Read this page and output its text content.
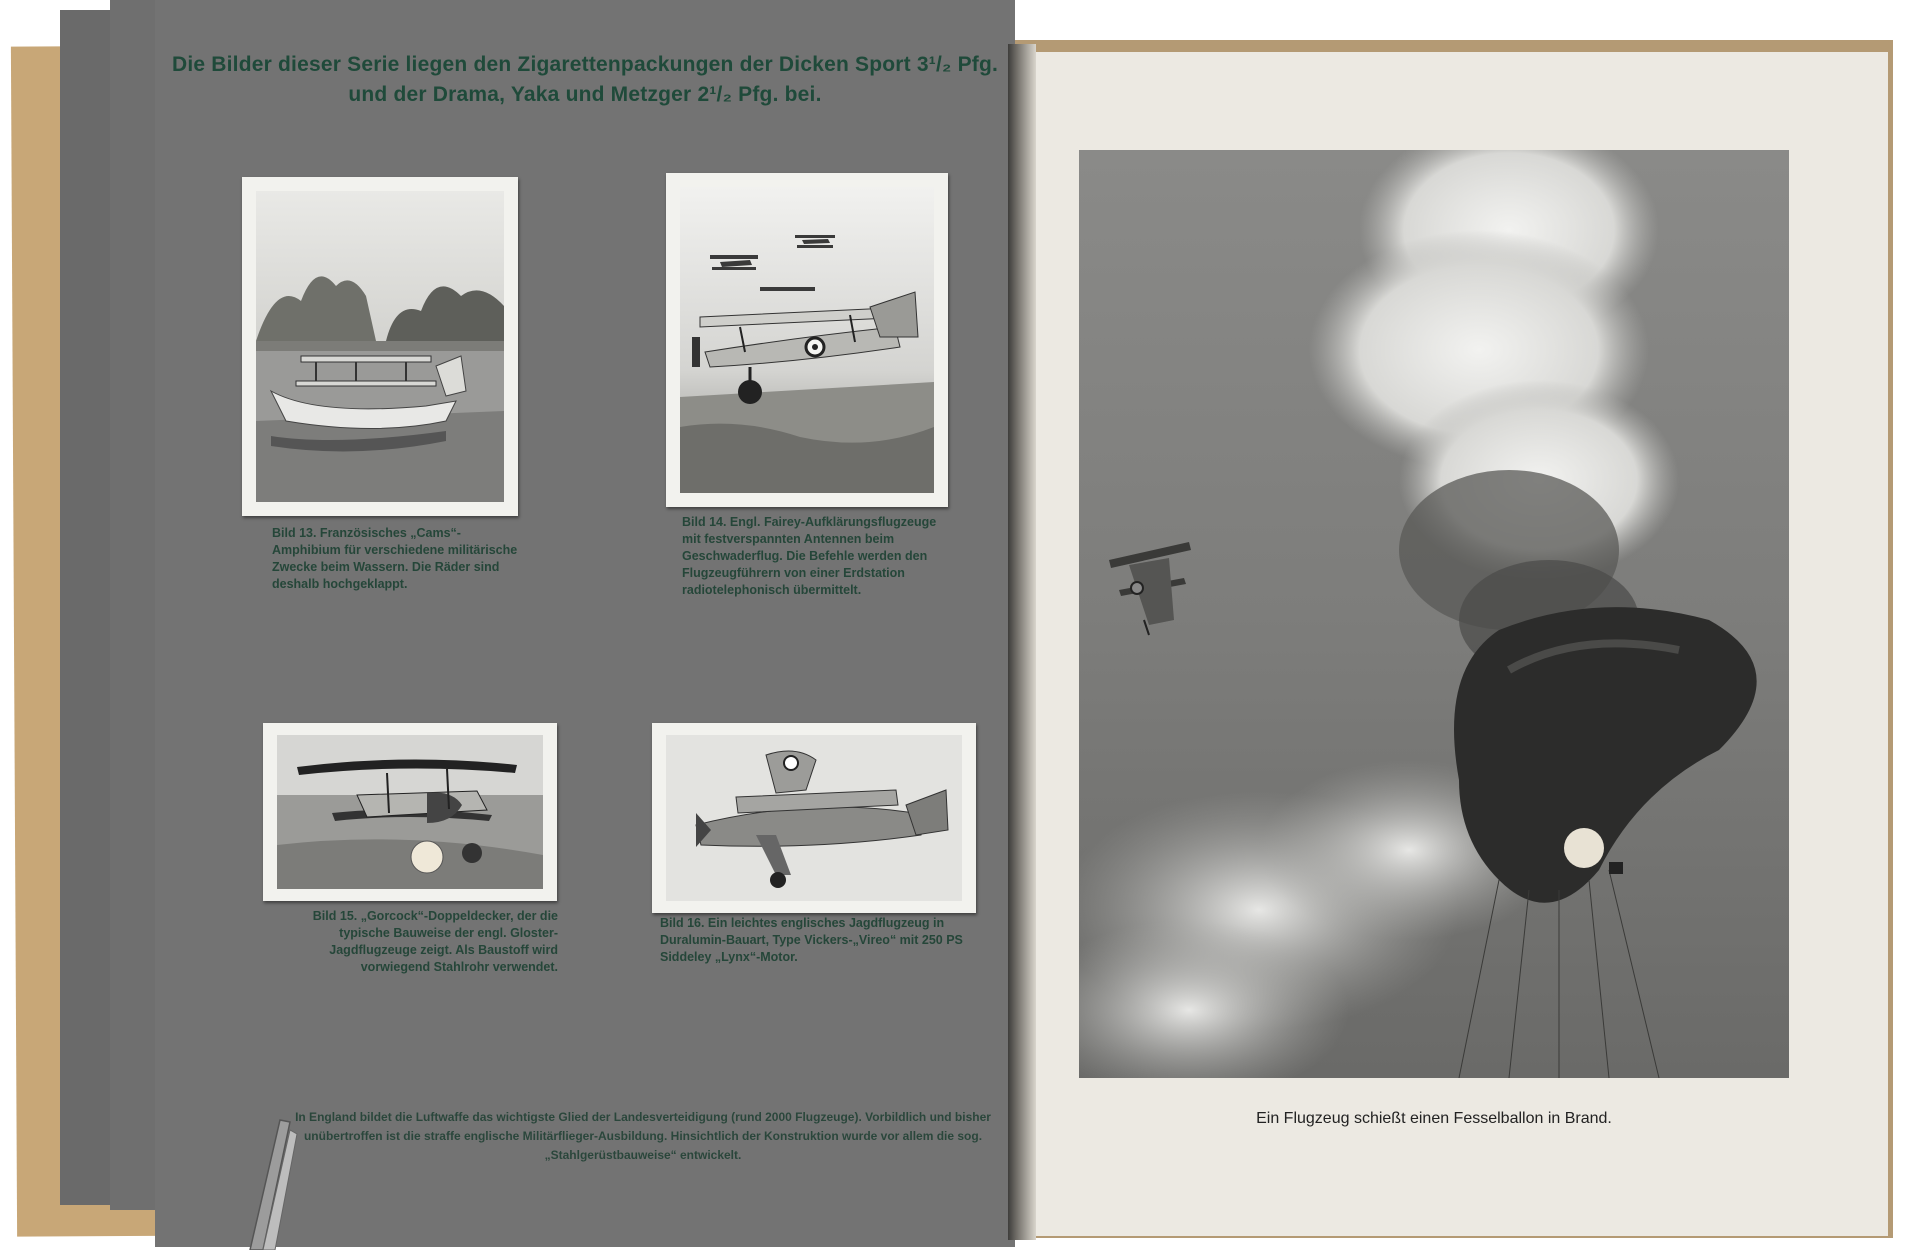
Die Bilder dieser Serie liegen den Zigarettenpackungen der Dicken Sport 3¹/₂ Pfg.
und der Drama, Yaka und Metzger 2¹/₂ Pfg. bei.
Bild 13. Französisches „Cams“-Amphibium für verschiedene militärische Zwecke beim Wassern. Die Räder sind deshalb hochgeklappt.
Bild 14. Engl. Fairey-Aufklärungsflugzeuge mit festverspannten Antennen beim Geschwaderflug. Die Befehle werden den Flugzeugführern von einer Erdstation radiotelephonisch übermittelt.
Bild 15. „Gorcock“-Doppeldecker, der die typische Bauweise der engl. Gloster-Jagdflugzeuge zeigt. Als Baustoff wird vorwiegend Stahlrohr verwendet.
Bild 16. Ein leichtes englisches Jagdflugzeug in Duralumin-Bauart, Type Vickers-„Vireo“ mit 250 PS Siddeley „Lynx“-Motor.
In England bildet die Luftwaffe das wichtigste Glied der Landesverteidigung (rund 2000 Flugzeuge). Vorbildlich und bisher unübertroffen ist die straffe englische Militärflieger-Ausbildung. Hinsichtlich der Konstruktion wurde vor allem die sog. „Stahlgerüstbauweise“ entwickelt.
Ein Flugzeug schießt einen Fesselballon in Brand.
